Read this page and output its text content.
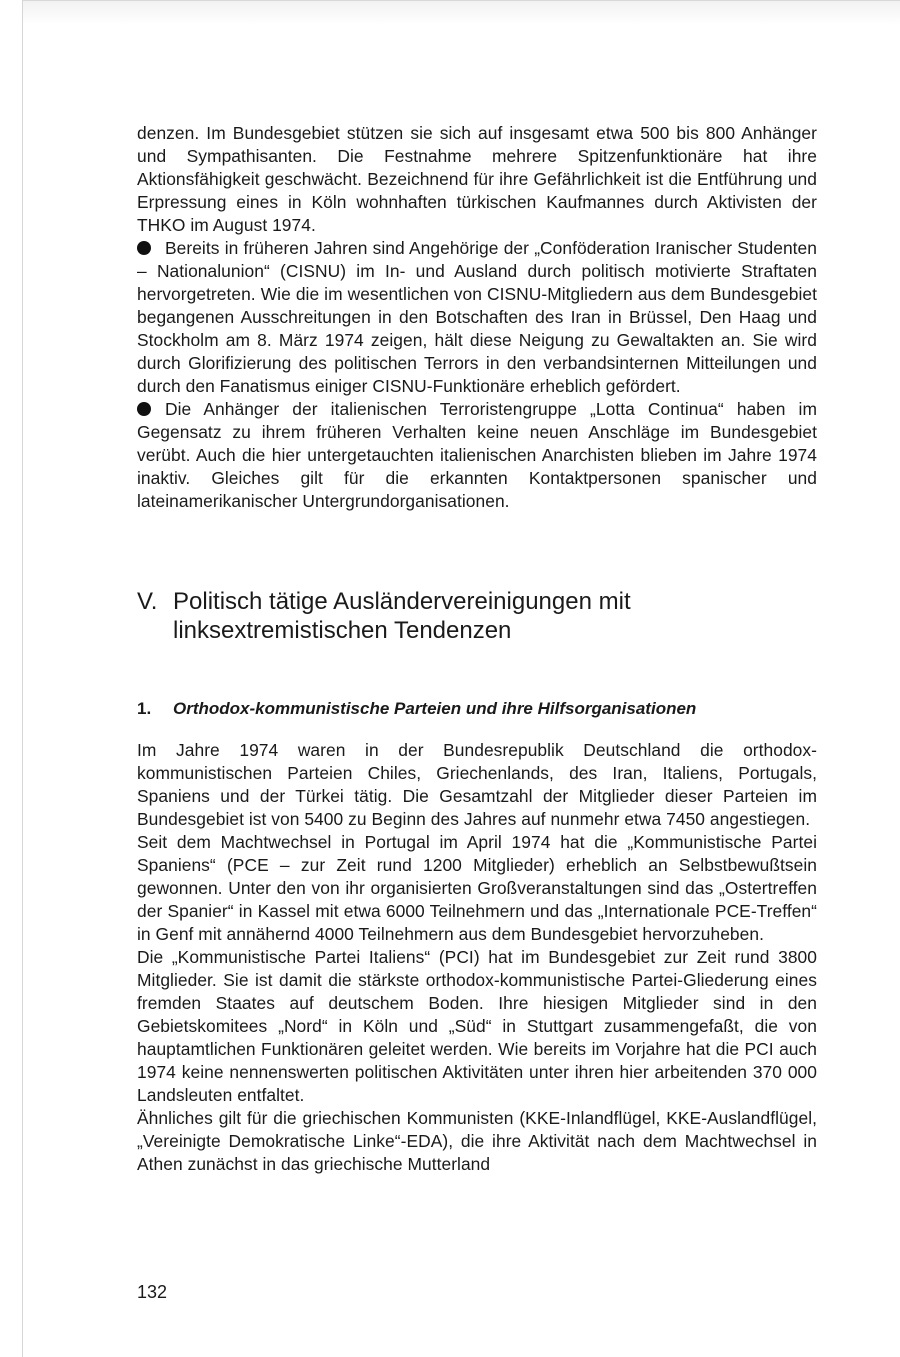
denzen. Im Bundesgebiet stützen sie sich auf insgesamt etwa 500 bis 800 Anhänger und Sympathisanten. Die Festnahme mehrere Spitzenfunktionäre hat ihre Aktionsfähigkeit geschwächt. Bezeichnend für ihre Gefährlichkeit ist die Entführung und Erpressung eines in Köln wohnhaften türkischen Kaufmannes durch Aktivisten der THKO im August 1974.

Bereits in früheren Jahren sind Angehörige der „Conföderation Iranischer Studenten – Nationalunion“ (CISNU) im In- und Ausland durch politisch motivierte Straftaten hervorgetreten. Wie die im wesentlichen von CISNU-Mitgliedern aus dem Bundesgebiet begangenen Ausschreitungen in den Botschaften des Iran in Brüssel, Den Haag und Stockholm am 8. März 1974 zeigen, hält diese Neigung zu Gewaltakten an. Sie wird durch Glorifizierung des politischen Terrors in den verbandsinternen Mitteilungen und durch den Fanatismus einiger CISNU-Funktionäre erheblich gefördert.

Die Anhänger der italienischen Terroristengruppe „Lotta Continua“ haben im Gegensatz zu ihrem früheren Verhalten keine neuen Anschläge im Bundesgebiet verübt. Auch die hier untergetauchten italienischen Anarchisten blieben im Jahre 1974 inaktiv. Gleiches gilt für die erkannten Kontaktpersonen spanischer und lateinamerikanischer Untergrundorganisationen.

V. Politisch tätige Ausländervereinigungen mit
linksextremistischen Tendenzen
1.	Orthodox-kommunistische Parteien und ihre Hilfsorganisationen

Im Jahre 1974 waren in der Bundesrepublik Deutschland die orthodox-kommunistischen Parteien Chiles, Griechenlands, des Iran, Italiens, Portugals, Spaniens und der Türkei tätig. Die Gesamtzahl der Mitglieder dieser Parteien im Bundesgebiet ist von 5400 zu Beginn des Jahres auf nunmehr etwa 7450 angestiegen.

Seit dem Machtwechsel in Portugal im April 1974 hat die „Kommunistische Partei Spaniens“ (PCE – zur Zeit rund 1200 Mitglieder) erheblich an Selbstbewußtsein gewonnen. Unter den von ihr organisierten Großveranstaltungen sind das „Ostertreffen der Spanier“ in Kassel mit etwa 6000 Teilnehmern und das „Internationale PCE-Treffen“ in Genf mit annähernd 4000 Teilnehmern aus dem Bundesgebiet hervorzuheben.

Die „Kommunistische Partei Italiens“ (PCI) hat im Bundesgebiet zur Zeit rund 3800 Mitglieder. Sie ist damit die stärkste orthodox-kommunistische Partei-Gliederung eines fremden Staates auf deutschem Boden. Ihre hiesigen Mitglieder sind in den Gebietskomitees „Nord“ in Köln und „Süd“ in Stuttgart zusammengefaßt, die von hauptamtlichen Funktionären geleitet werden. Wie bereits im Vorjahre hat die PCI auch 1974 keine nennenswerten politischen Aktivitäten unter ihren hier arbeitenden 370 000 Landsleuten entfaltet.

Ähnliches gilt für die griechischen Kommunisten (KKE-Inlandflügel, KKE-Auslandflügel, „Vereinigte Demokratische Linke“-EDA), die ihre Aktivität nach dem Machtwechsel in Athen zunächst in das griechische Mutterland

132
